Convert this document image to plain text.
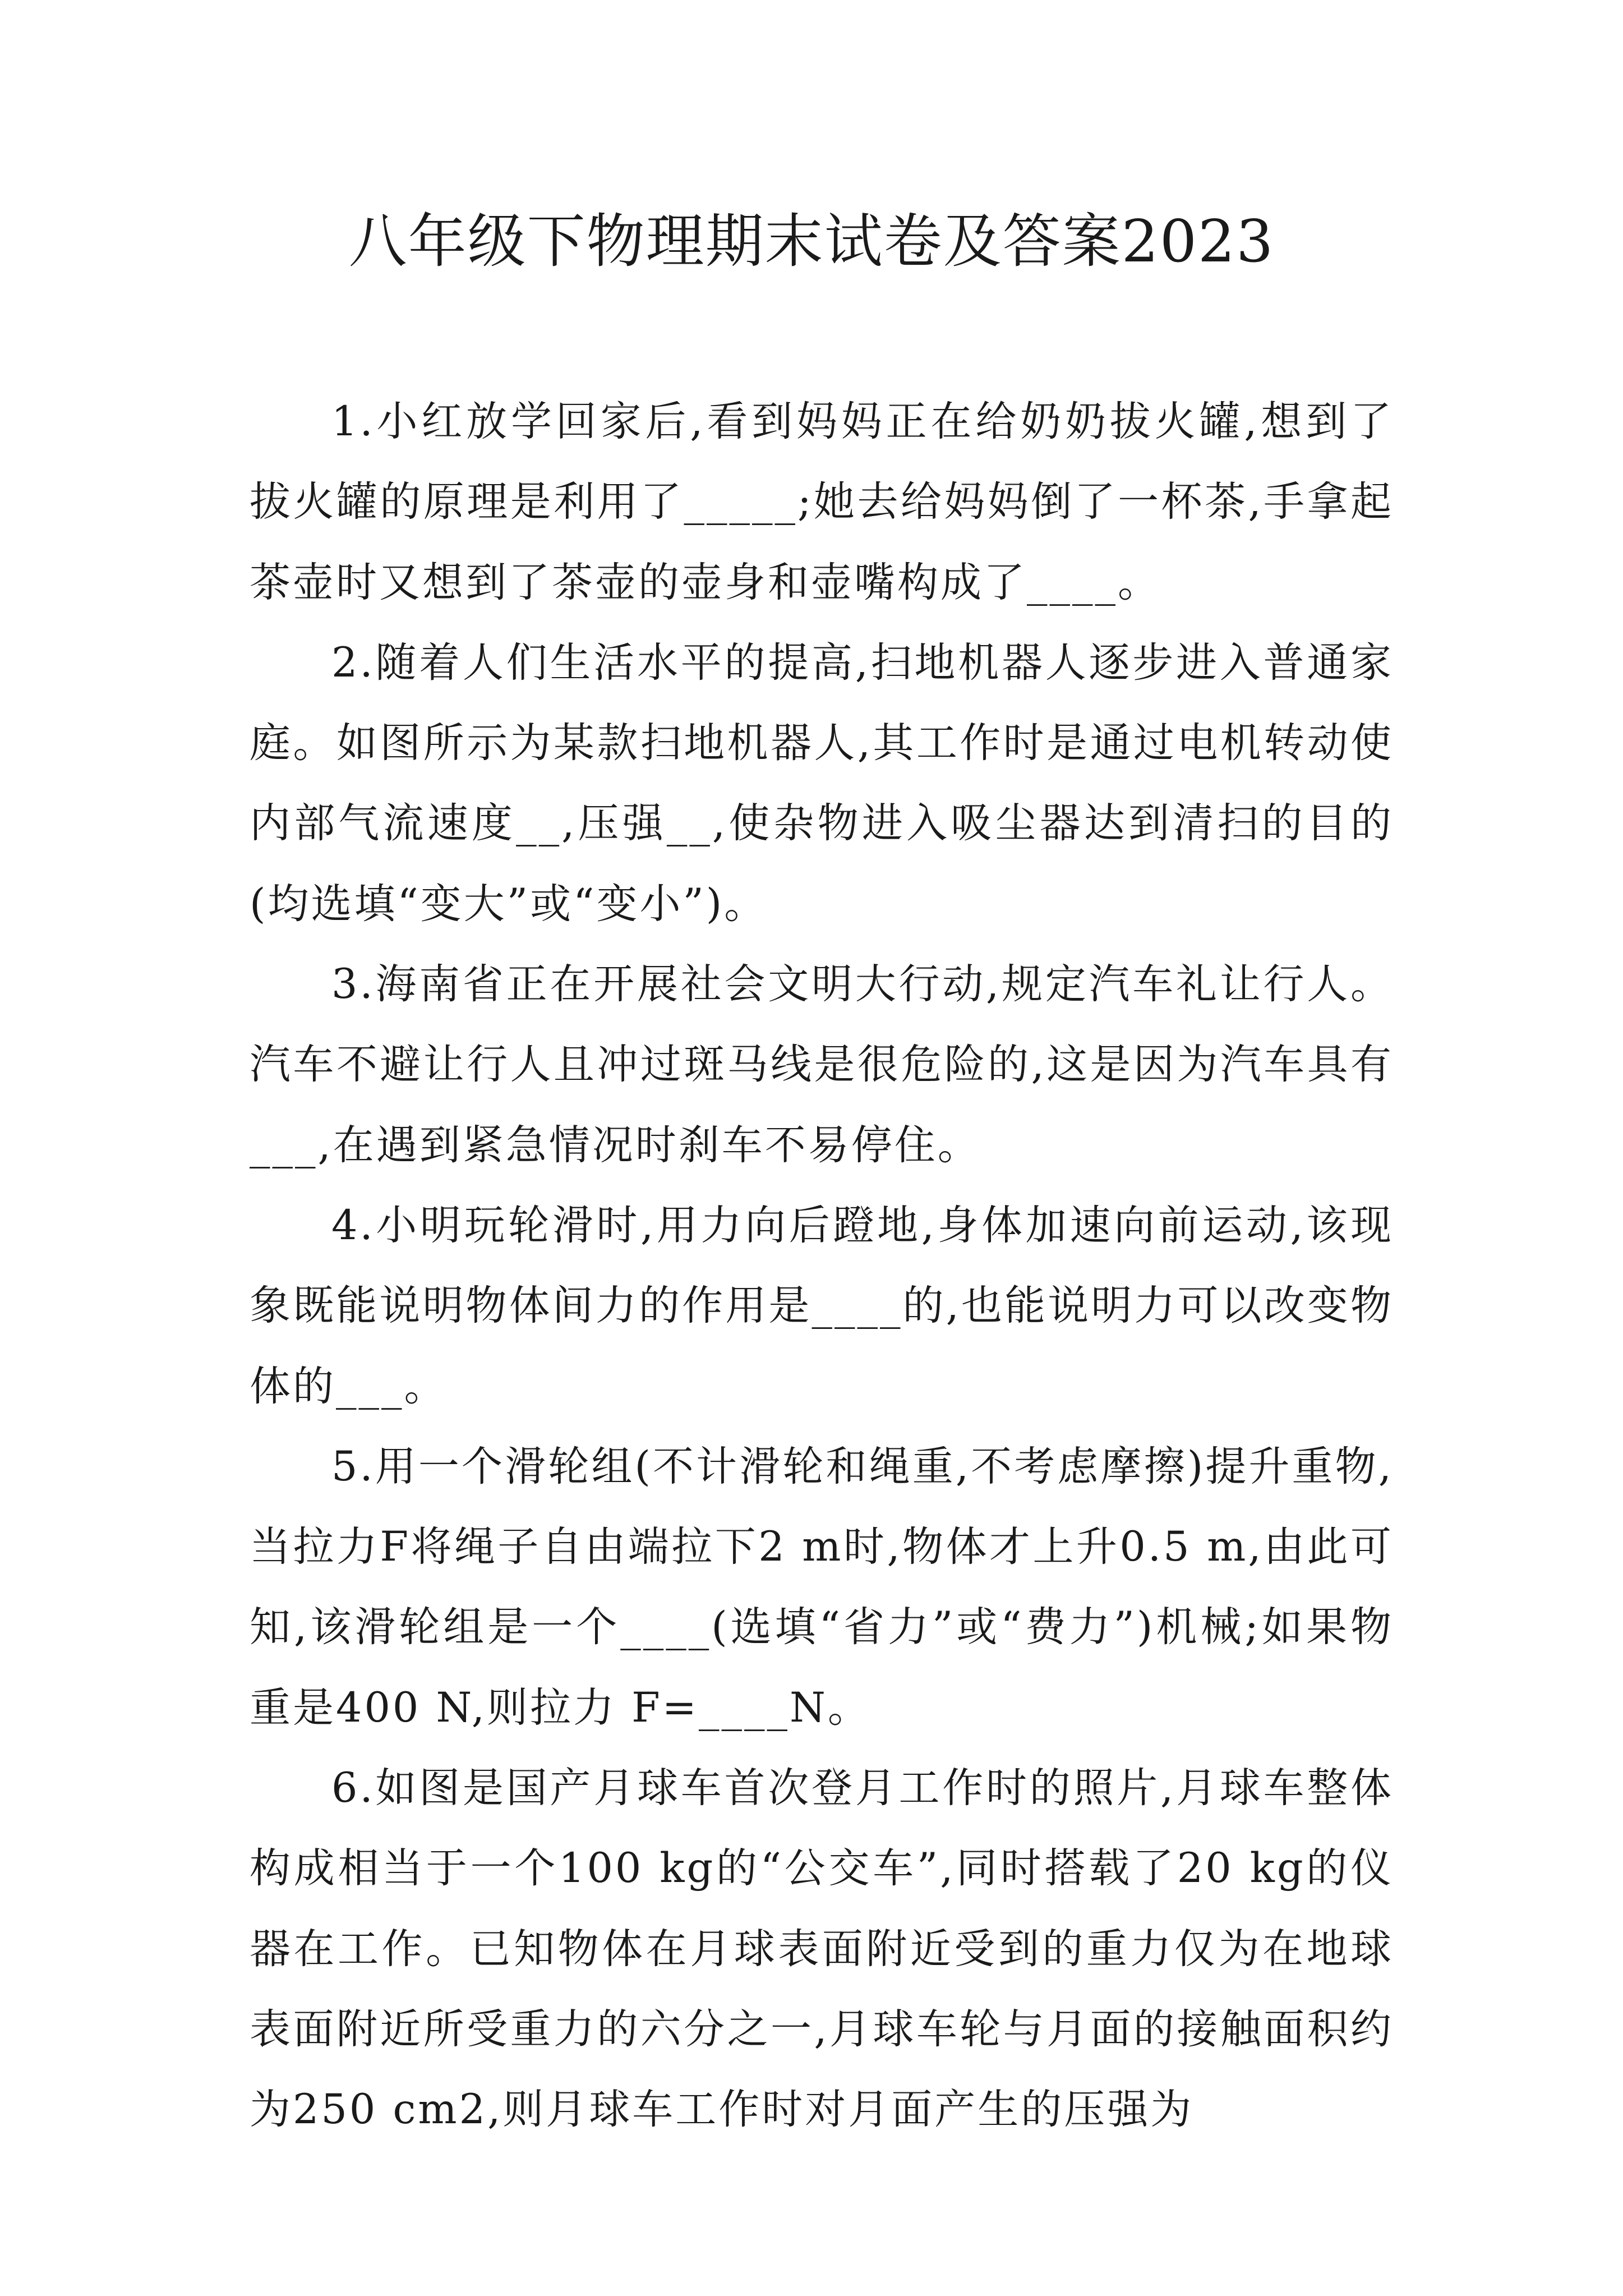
八年级下物理期末试卷及答案2023

1.小红放学回家后,看到妈妈正在给奶奶拔火罐,想到了拔火罐的原理是利用了_____;她去给妈妈倒了一杯茶,手拿起茶壶时又想到了茶壶的壶身和壶嘴构成了____。

2.随着人们生活水平的提高,扫地机器人逐步进入普通家庭。如图所示为某款扫地机器人,其工作时是通过电机转动使内部气流速度__,压强__,使杂物进入吸尘器达到清扫的目的(均选填“变大”或“变小”)。

3.海南省正在开展社会文明大行动,规定汽车礼让行人。汽车不避让行人且冲过斑马线是很危险的,这是因为汽车具有___,在遇到紧急情况时刹车不易停住。

4.小明玩轮滑时,用力向后蹬地,身体加速向前运动,该现象既能说明物体间力的作用是____的,也能说明力可以改变物体的___。

5.用一个滑轮组(不计滑轮和绳重,不考虑摩擦)提升重物,当拉力F将绳子自由端拉下2 m时,物体才上升0.5 m,由此可知,该滑轮组是一个____(选填“省力”或“费力”)机械;如果物重是400 N,则拉力 F=____N。

6.如图是国产月球车首次登月工作时的照片,月球车整体构成相当于一个100 kg的“公交车”,同时搭载了20 kg的仪器在工作。已知物体在月球表面附近受到的重力仅为在地球表面附近所受重力的六分之一,月球车轮与月面的接触面积约为250 cm2,则月球车工作时对月面产生的压强为
